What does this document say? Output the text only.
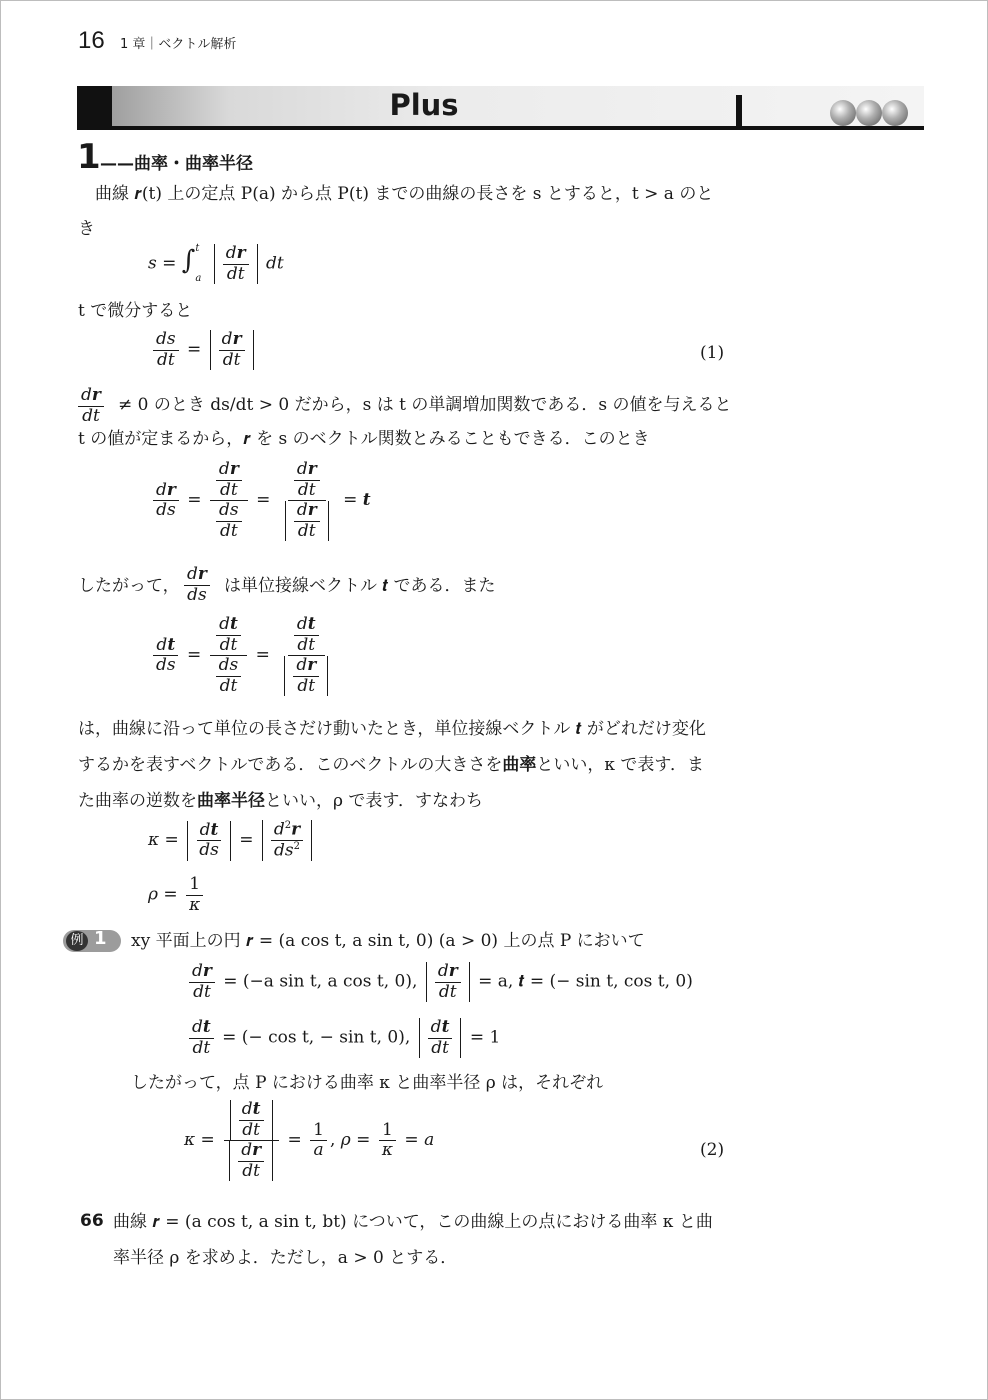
16 1 章｜ベクトル解析
Plus
1 ——曲率・曲率半径
曲線 𝒓(t) 上の定点 P(a) から点 P(t) までの曲線の長さを s とすると，t > a のと
き
$s = \int^t_a \frac{dr}{dt}$ dt
t で微分すると
$\frac{ds}{dt} = \frac{dr}{dt}$	(1)
$\frac{dr}{dt} \ne 0$ のとき ds/dt > 0 だから，s は t の単調増加関数である．s の値を与えると
t の値が定まるから，𝒓 を s のベクトル関数とみることもできる．このとき
$\frac{dr}{ds} = \frac{dr}{dt}$
$\frac{ds}{dt}$
= $\frac{dr}{dt}$
$\frac{dr}{dt}$
= t
したがって， $\frac{dr}{ds}$ は単位接線ベクトル 𝒕 である．また
$\frac{dt}{ds} = \frac{dt}{dt}$
$\frac{ds}{dt}$
= $\frac{dt}{dt}$
$\frac{dr}{dt}$
は，曲線に沿って単位の長さだけ動いたとき，単位接線ベクトル 𝒕 がどれだけ変化
するかを表すベクトルである．このベクトルの大きさを曲率といい，κ で表す．ま
た曲率の逆数を曲率半径といい，ρ で表す．すなわち
$\kappa = \frac{dt}{ds} = \frac{d^2r}{ds^2}$
$\rho = \frac{1}{\kappa}$
例 1 xy 平面上の円 𝒓 = (a cos t, a sin t, 0) (a > 0) 上の点 P において
$\frac{dr}{dt} = (-a$ sin t, a cos t, 0), $\frac{dr}{dt} = a$, 𝒕 = (− sin t, cos t, 0)
$\frac{dt}{dt}$ = (− cos t, − sin t, 0), $\frac{dt}{dt} = 1$
したがって，点 P における曲率 κ と曲率半径 ρ は，それぞれ
$\kappa = \frac{dt}{dt}$
$\frac{dr}{dt}$
= $\frac{1}{a}$ , $\rho = \frac{1}{\kappa} = a$	(2)
66 曲線 𝒓 = (a cos t, a sin t, bt) について，この曲線上の点における曲率 κ と曲
率半径 ρ を求めよ．ただし，a > 0 とする．
